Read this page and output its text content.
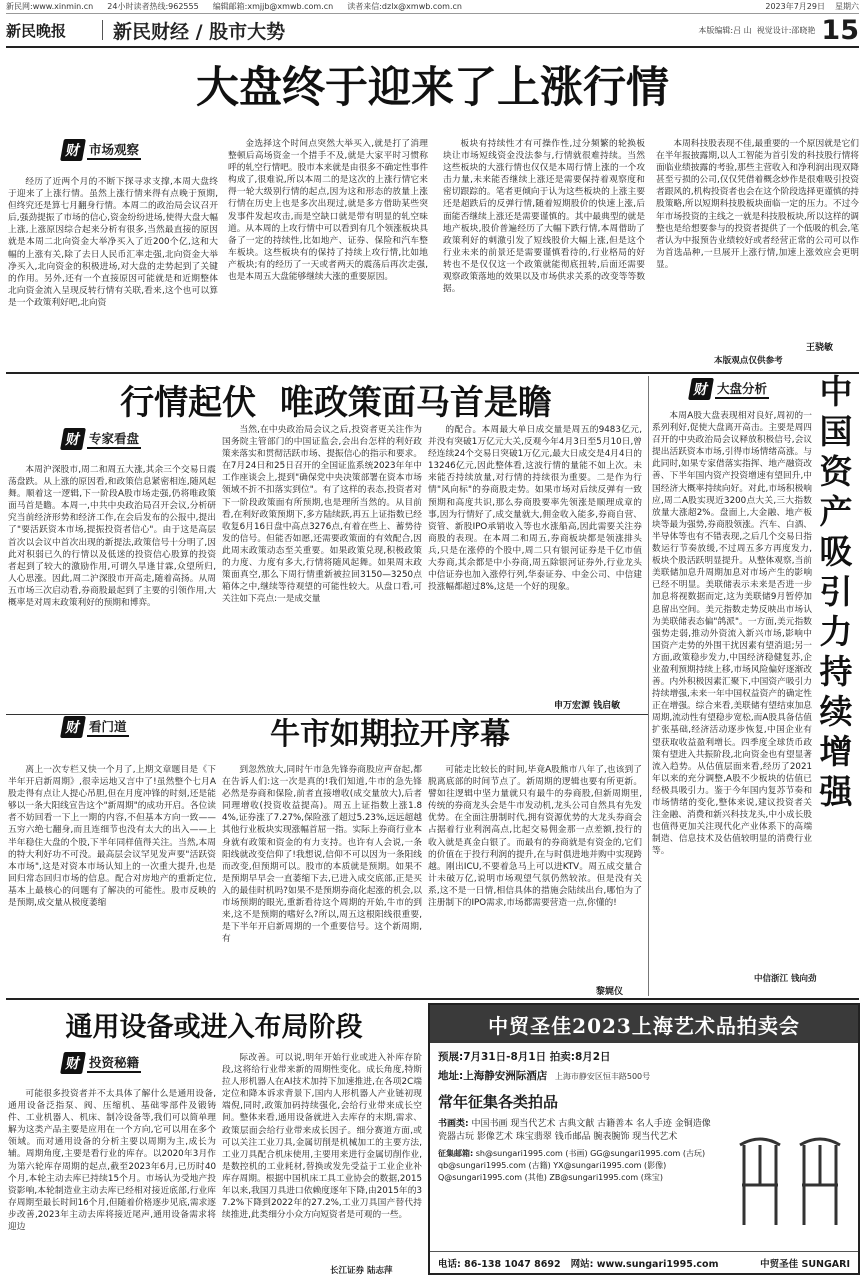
新民网:www.xinmin.cn 24小时读者热线:962555 编辑邮箱:xmjjb@xmwb.com.cn 读者来信:dzlx@xmwb.com.cn	2023年7月29日 星期六
新民晚报	新民财经 / 股市大势	本版编辑:吕 山 视觉设计:邵晓艳 15
大盘终于迎来了上涨行情
财 市场观察

经历了近两个月的不断下探寻求支撑,本周大盘终于迎来了上涨行情。虽然上涨行情来得有点晚于预期,但终究还是算七月翻身行情。本周二的政治局会议召开后,强劲提振了市场的信心,资金纷纷进场,使得大盘大幅上涨,上涨原因综合起来分析有很多,当然最直接的原因就是本周二北向资金大举净买入了近200个亿,这和大幅的上涨有关,除了去日人民币汇率走强,北向资金大举净买入,北向资金的积极进场,对大盘的走势起到了关键的作用。另外,还有一个直接原因可能就是和近期整体北向资金流入呈现反转行情有关联,看来,这个也可以算是一个政策利好吧,北向资

金选择这个时间点突然大举买入,就是打了消理整顿后高场资金一个措手不及,就是大家平时习惯称呼的轧空行情吧。股市本来就是由很多不确定性事件构成了,很难说,所以本周二的是这次的上涨行情它来得一轮大级别行情的起点,因为这和形态的放量上涨行情在历史上也是多次出现过,就是多方借助某些突发事件发起攻击,而是空缺口就是带有明显的轧空味道。从本周的上攻行情中可以看到有几个领涨板块具备了一定的持续性,比如地产、证券、保险和汽车整车板块。这些板块有的保持了持续上攻行情,比如地产板块;有的经历了一天或者两天的震荡后再次走强,也是本周五大盘能够继续大涨的重要原因。

板块有持续性才有可操作性,过分频繁的轮换板块让市场短线资金没法参与,行情就很难持续。当然这些板块的大涨行情也仅仅是本周行情上涨的一个攻击力量,未来能否继续上涨还是需要保持着观察度和密切跟踪的。笔者更倾向于认为这些板块的上涨主要还是超跌后的反弹行情,随着短期股价的快速上涨,后面能否继续上涨还是需要谨慎的。其中最典型的就是地产板块,股价普遍经历了大幅下跌行情,本周借助了政策利好的刺激引发了短线股价大幅上涨,但是这个行业未来的前景还是需要谨慎看待的,行业格局的好转也不是仅仅这一个政策就能彻底扭转,后面还需要观察政策落地的效果以及市场供求关系的改变等等数据。

本周科技股表现不佳,最重要的一个原因就是它们在半年报披露期,以人工智能为首引发的科技股行情将面临业绩披露的考验,那些主营收入和净利润出现双降甚至亏损的公司,仅仅凭借着概念炒作是很难吸引投资者跟风的,机构投资者也会在这个阶段选择更谨慎的持股策略,所以短期科技股板块面临一定的压力。不过今年市场投资的主线之一就是科技股板块,所以这样的调整也是给想要参与的投资者提供了一个低吸的机会,笔者认为中报预告业绩较好或者经营正常的公司可以作为首选品种,一旦展开上涨行情,加速上涨效应会更明显。

王骁敏
本版观点仅供参考
行情起伏  唯政策面马首是瞻
财 专家看盘

本周沪深股市,周二和周五大涨,其余三个交易日震荡盘跌。从上涨的原因看,和政策信息紧密相连,随风起舞。顺着这一逻辑,下一阶段A股市场走强,仍将唯政策面马首是瞻。本周一,中共中央政治局召开会议,分析研究当前经济形势和经济工作,在会后发布的公报中,提出了"要活跃资本市场,提振投资者信心"。由于这是高层首次以会议中首次出现的新提法,政策信号十分明了,因此对积弱已久的行情以及低迷的投资信心股算的投资者起到了较大的激励作用,可谓久旱逢甘霖,众望所归,人心思涨。因此,周二沪深股市开高走,随着高扬。从周五市场三次启动看,券商股最起到了主要的引领作用,大概率是对周末政策利好的预期和博弈。

当然,在中央政治局会议之后,投资者更关注作为国务院主管部门的中国证监会,会出台怎样的利好政策来落实和贯彻活跃市场、提振信心的指示和要求。在7月24日和25日召开的全国证监系统2023年年中工作座谈会上,提到"确保党中央决策部署在资本市场领域不折不扣落实到位"。有了这样的表态,投资者对下一阶段政策面有所预期,也是理所当然的。从目前看,在利好政策预期下,多方陆续跃,再五上证指数已经收复6月16日盘中高点3276点,有着在些上、蓄势待发的信号。但能否如愿,还需要政策面的有效配合,因此周末政策动态至关重要。如果政策兑现,积极政策的力度、力度有多大,行情将随风起舞。如果周末政策面真空,那么下周行情重新被拉回3150—3250点箱体之中,继续等待观望的可能性较大。从盘口看,可关注如下亮点:一是成交量

的配合。本周最大单日成交量是周五的9483亿元,并没有突破1万亿元大关,反观今年4月3日至5月10日,曾经连续24个交易日突破1万亿元,最大日成交是4月4日的13246亿元,因此整体看,这波行情的量能不如上次。未来能否持续放量,对行情的持续很为重要。二是作为行情"风向标"的券商股走势。如果市场对后续反弹有一致预期和高度共识,那么券商股要率先领涨是顺理成章的事,因为行情好了,成交量就大,佣金收入能多,券商自营、资管、新股IPO承销收入等也水涨船高,因此需要关注券商股的表现。在本周二和周五,券商板块都是领涨排头兵,只是在涨停的个股中,周二只有银河证券是千亿市值大券商,其余都是中小券商,周五除银河证券外,行业龙头中信证券也加入涨停行列,华泰证券、中金公司、中信建投涨幅都超过8%,这是一个好的现象。

申万宏源 钱启敏
财 大盘分析 中国资产吸引力持续增强

本周A股大盘表现相对良好,周初的一系列利好,促使大盘离开高击。主要是周四召开的中央政治局会议释放积极信号,会议提出活跃资本市场,引得市场情绪高涨。与此同时,如果专家借落实指挥、地产融资改善、下半年国内资产投资增速有望回升,中国经济大概率持续向好。对此,市场积极响应,周二A股实现近3200点大关,三大指数放量大涨超2%。盘面上,大金融、地产板块等最为强势,券商股领涨。汽车、白酒、半导体等也有不错表现,之后几个交易日指数运行节奏放缓,不过周五多方再度发力,板块个股活跃明显提升。从整体观察,当前美联储加息升周期加息对市场产生的影响已经不明显。美联储表示未来是否进一步加息将视数据而定,这为美联储9月暂停加息留出空间。美元指数走势反映出市场认为美联储表态偏"鸽派"。一方面,美元指数强势走弱,推动外资流入新兴市场,影响中国资产走势的外围干扰因素有望消退;另一方面,政策稳步发力,中国经济稳健复苏,企业盈利预期持续上移,市场风险偏好逐渐改善。内外积极因素汇聚下,中国资产吸引力持续增强,未来一年中国权益资产的确定性正在增强。综合来看,美联储有望结束加息周期,流动性有望稳步宽松,而A股具备估值扩张基础,经济活动逐步恢复,中国企业有望获取收益盈利增长。四季度全球货币政策有望进入共振阶段,北向资金也有望显著流入趋势。从估值层面来看,经历了2021年以来的充分调整,A股不少板块的估值已经极具吸引力。鉴于今年国内复苏节奏和市场情绪的变化,整体来说,建议投资者关注金融、消费和新兴科技龙头,中小成长股也值得更加关注现代化产业体系下的高端制造、信息技术及估值较明显的消费行业等。

中信浙江 钱向劲
财 看门道	牛市如期拉开序幕

离上一次专栏又快一个月了,上期文章题目是《下半年开启新周期》,很幸运地又言中了!虽然整个七月A股走得有点让人提心吊胆,但在月度冲锋的时刻,还是能够以一条大阳线宣告这个"新周期"的成功开启。各位读者不妨回看一下上一期的内容,不但基本方向一致——五穷六绝七翻身,而且连细节也没有太大的出入——上半年稳住大盘的个股,下半年同样值得关注。当然,本周的特大利好功不可没。最高层会议罕见发声要"活跃资本市场",这是对资本市场认知上的一次重大提升,也是回归常态回归市场的信息。配合对房地产的重新定位,基本上最核心的问题有了解决的可能性。股市反映的是预期,成交量从极度萎缩

到忽然放大,同时午市急先锋券商股应声奋起,都在告诉人们:这一次是真的!我们知道,牛市的急先锋必然是券商和保险,前者直接增收(成交量放大),后者同理增收(投资收益提高)。周五上证指数上涨1.84%,证券涨了7.27%,保险涨了超过5.23%,远远超越其他行业板块实现涨幅首屈一指。实际上券商行业本身就有政策和资金的有力支持。也许有人会说,一条阳线就改变信仰了!我想说,信仰不可以因为一条阳线而改变,但预期可以。股市的本质就是预期。如果不是预期早早会一直萎缩下去,已进入成交底部,正是买入的最佳时机吗?如果不是预期券商化起涨的机会,以市场预期的眼光,重新看待这个周期的开始,牛市的到来,这不是预期的嗜好么?所以,周五这根阳线很重要,是下半年开启新周期的一个重要信号。这个新周期,有

可能走比较长的时间,毕竟A股熊市八年了,也该到了脱离底部的时间节点了。新周期的逻辑也要有所更新。譬如往逻辑中坚力量就只有最牛的券商股,但新周期里,传统的券商龙头会是牛市发动机,龙头公司自然具有先发优势。在全面注册制时代,拥有资源优势的大龙头券商会占据着行业利润高点,比起交易佣金那一点差额,投行的收入就是真金白银了。而最有的券商就是有资金的,它们的价值在于投行利润的提升,在与时俱进地并购中实现跨越。刚出ICU,不要着急马上可以进KTV。周五成交量合计未破万亿,说明市场观望气氛仍然较浓。但是没有关系,这不是一日情,相信具体的措施会陆续出台,哪怕为了注册制下的IPO需求,市场都需要营造一点,你懂的!

黎娓仪
通用设备或进入布局阶段
财 投资秘籍

可能很多投资者并不太具体了解什么是通用设备,通用设备泛指泵、阀、压缩机、基础零部件及锻铸件、工业机器人、机床、制冷设备等,我们可以简单理解为这类产品主要是应用在一个方向,它可以用在多个领域。而对通用设备的分析主要以周期为主,成长为辅。周期角度,主要是看行业的库存。以2020年3月作为第六轮库存周期的起点,截至2023年6月,已历时40个月,本轮主动去库已持续15个月。市场认为受地产投资影响,本轮制造业主动去库已经相对接近底部,行业库存周期至最长时间16个月,但随着价格逐步见底,需求逐步改善,2023年主动去库将接近尾声,通用设备需求将迎边

际改善。可以说,明年开始行业或进入补库存阶段,这将给行业带来新的周期性变化。成长角度,特斯拉人形机器人在AI技术加持下加速推进,在各项2C端定位和降本诉求背景下,国内人形机器人产业链初现端倪,同时,政策加码持续强化,会给行业带来成长空间。整体来看,通用设备就进入去库存的末期,需求、政策层面会给行业带来成长因子。细分赛道方面,或可以关注工业刀具,金属切削是机械加工的主要方法,工业刀具配合机床使用,主要用来进行金属切削作业,是数控机的工业耗材,替换或发先受益于工业企业补库存周期。根据中国机床工具工业协会的数据,2015年以来,我国刀具进口依赖度逐年下降,由2015年的37.2%下降到2022年的27.2%,工业刀具国产替代持续推进,此类细分小众方向短资者是可观的一些。

长江证券 陆志萍
中贸圣佳2023上海艺术品拍卖会
预展:7月31日-8月1日 拍卖:8月2日
地址:上海静安洲际酒店 上海市静安区恒丰路500号
常年征集各类拍品
书画类: 中国书画 现当代艺术 古典文献 古籍善本 名人手迹 金铜造像 瓷器古玩 影像艺术 珠宝翡翠 钱币邮品 腕表腕饰 现当代艺术
征集邮箱: sh@sungari1995.com (书画) GG@sungari1995.com (古玩) qb@sungari1995.com (古籍) YX@sungari1995.com (影像) Q@sungari1995.com (其他) ZB@sungari1995.com (珠宝)
电话: 86-138 1047 8692 网站: www.sungari1995.com	中贸圣佳 SUNGARI
